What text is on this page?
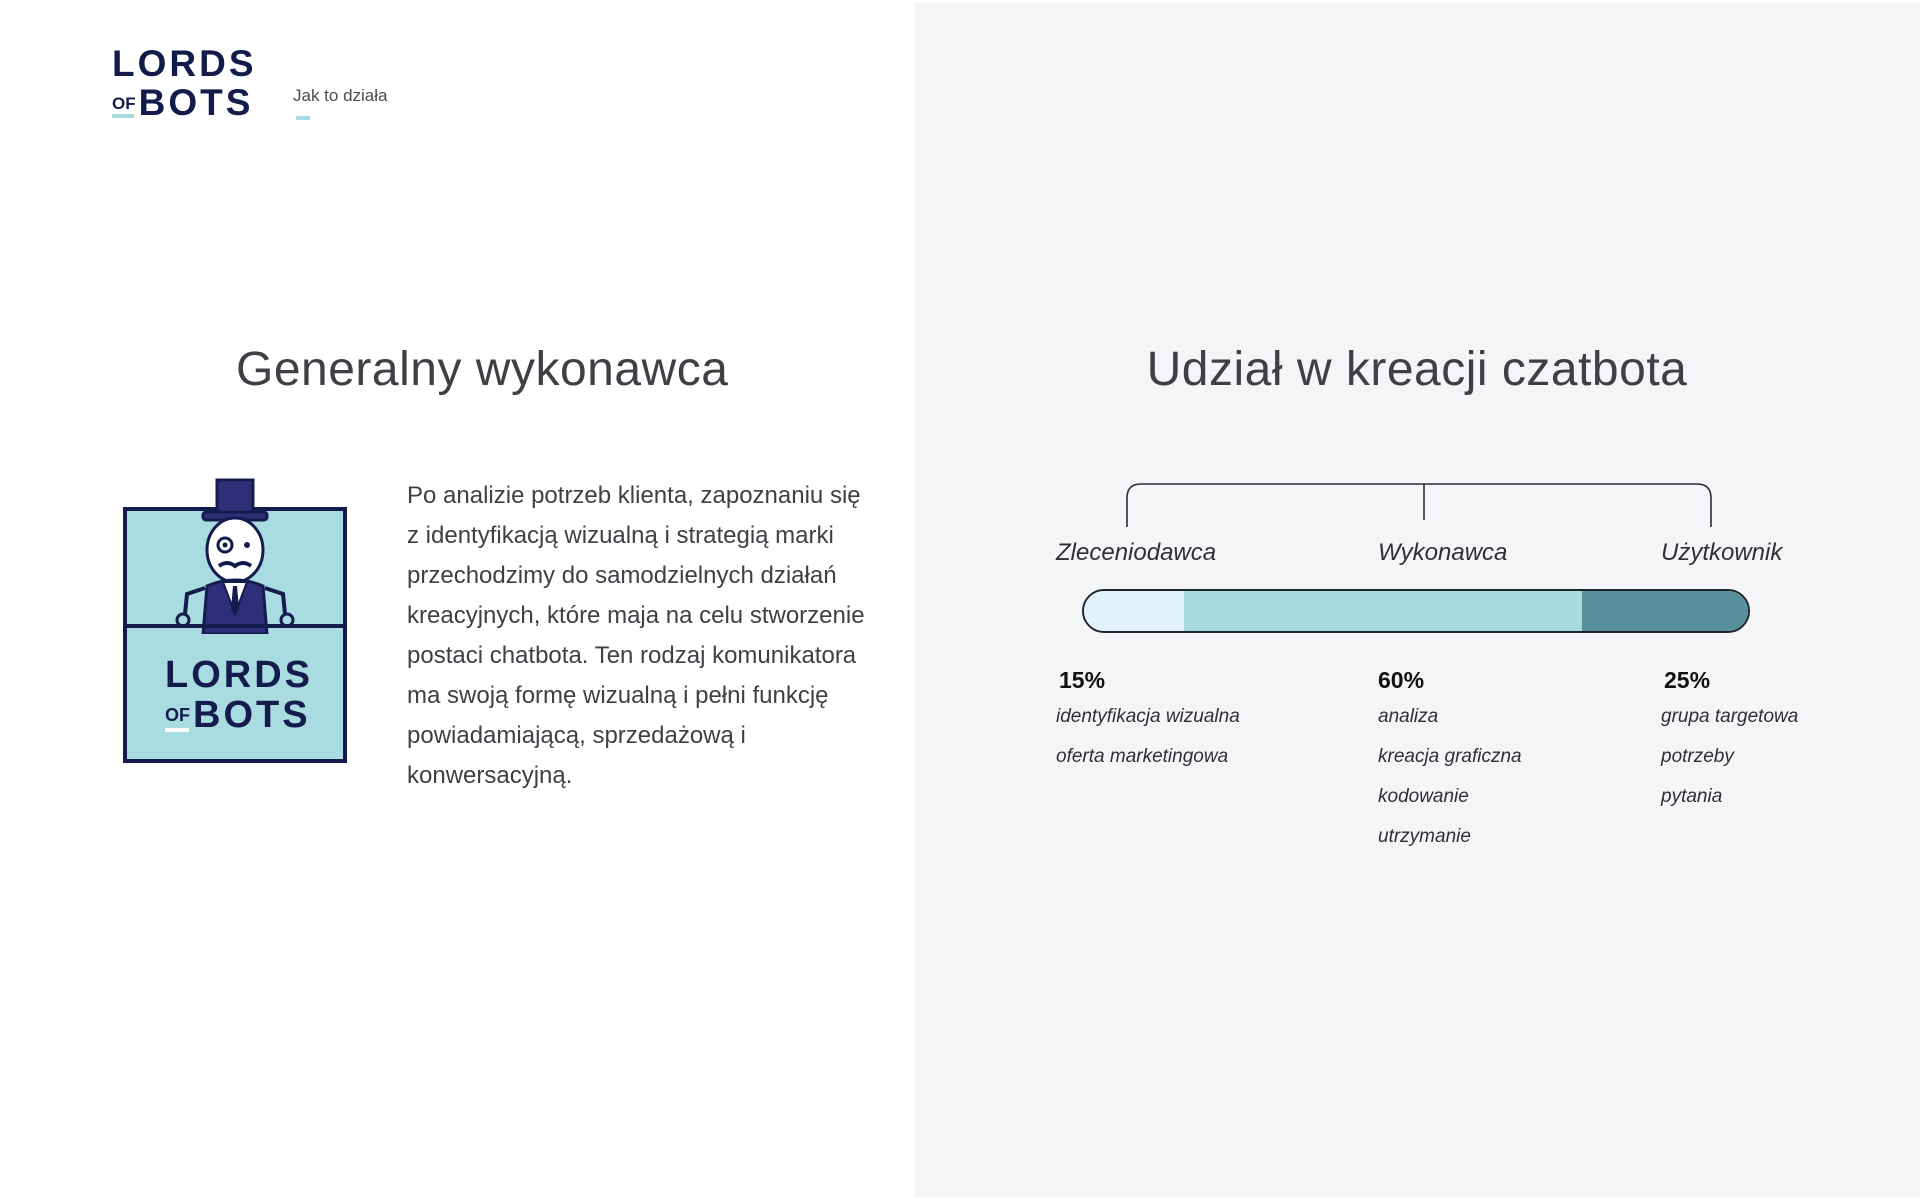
LORDS
OFBOTS Jak to działa
Generalny wykonawca
LORDS
OFBOTS

Po analizie potrzeb klienta, zapoznaniu się z identyfikacją wizualną i strategią marki przechodzimy do samodzielnych działań kreacyjnych, które maja na celu stworzenie postaci chatbota. Ten rodzaj komunikatora ma swoją formę wizualną i pełni funkcję powiadamiającą, sprzedażową i konwersacyjną.

Udział w kreacji czatbota
Zleceniodawca	Wykonawca	Użytkownik
15%
identyfikacja wizualna
oferta marketingowa
60%
analiza
kreacja graficzna
kodowanie
utrzymanie
25%
grupa targetowa
potrzeby
pytania
